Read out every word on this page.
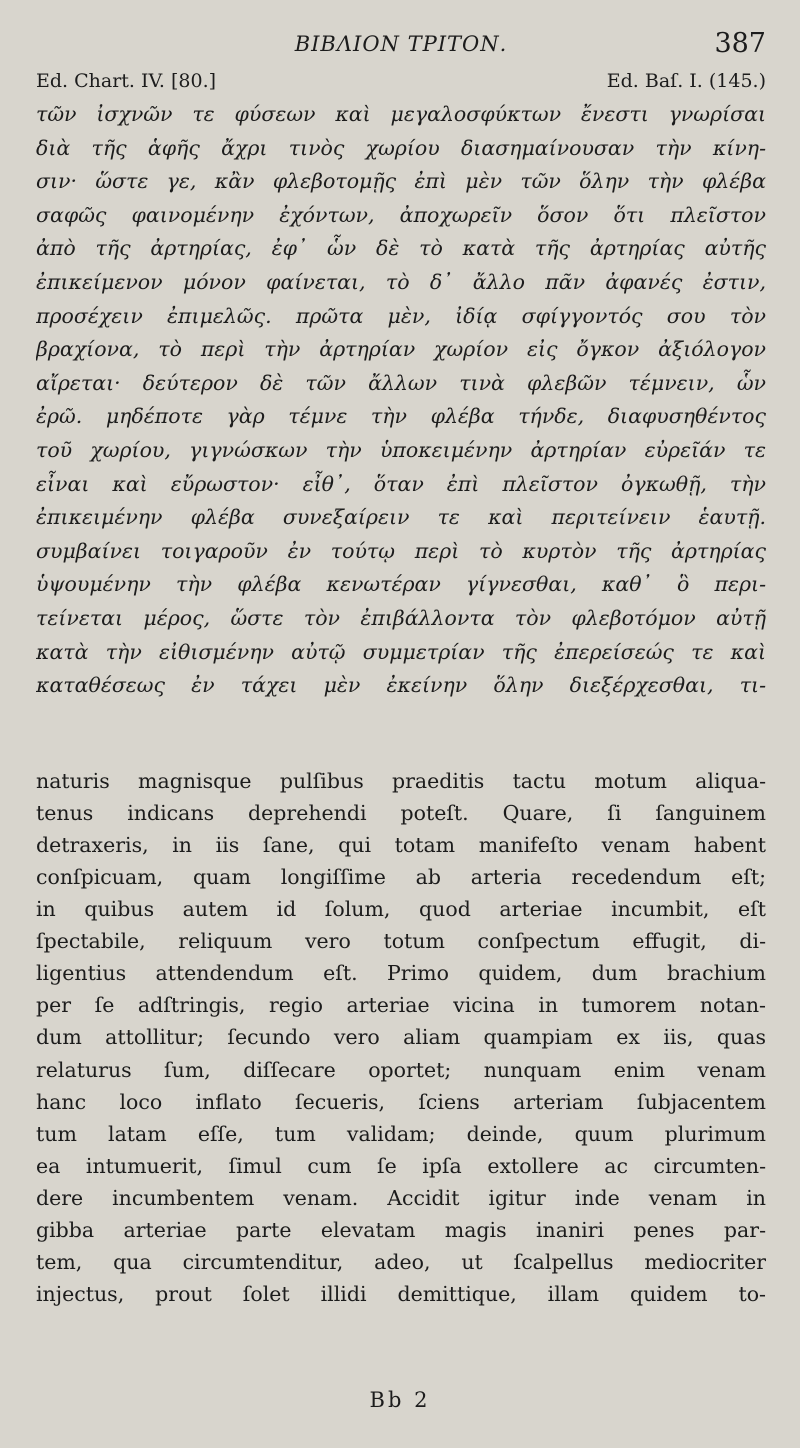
ΒΙΒΛΙΟΝ ΤΡΙΤΟΝ.	387
Ed. Chart. IV. [80.]	Ed. Baſ. I. (145.)
τῶν ἰσχνῶν τε φύσεων καὶ μεγαλοσφύκτων ἔνεστι γνωρίσαι
διὰ τῆς ἁφῆς ἄχρι τινὸς χωρίου διασημαίνουσαν τὴν κίνη-
σιν· ὥστε γε, κἂν φλεβοτομῇς ἐπὶ μὲν τῶν ὅλην τὴν φλέβα
σαφῶς φαινομένην ἐχόντων, ἀποχωρεῖν ὅσον ὅτι πλεῖστον
ἀπὸ τῆς ἀρτηρίας, ἐφ᾽ ὧν δὲ τὸ κατὰ τῆς ἀρτηρίας αὐτῆς
ἐπικείμενον μόνον φαίνεται, τὸ δ᾽ ἄλλο πᾶν ἀφανές ἐστιν,
προσέχειν ἐπιμελῶς. πρῶτα μὲν, ἰδίᾳ σφίγγοντός σου τὸν
βραχίονα, τὸ περὶ τὴν ἀρτηρίαν χωρίον εἰς ὄγκον ἀξιόλογον
αἴρεται· δεύτερον δὲ τῶν ἄλλων τινὰ φλεβῶν τέμνειν, ὧν
ἐρῶ. μηδέποτε γὰρ τέμνε τὴν φλέβα τήνδε, διαφυσηθέντος
τοῦ χωρίου, γιγνώσκων τὴν ὑποκειμένην ἀρτηρίαν εὐρεῖάν τε
εἶναι καὶ εὔρωστον· εἶθ᾽, ὅταν ἐπὶ πλεῖστον ὀγκωθῇ, τὴν
ἐπικειμένην φλέβα συνεξαίρειν τε καὶ περιτείνειν ἑαυτῇ.
συμβαίνει τοιγαροῦν ἐν τούτῳ περὶ τὸ κυρτὸν τῆς ἀρτηρίας
ὑψουμένην τὴν φλέβα κενωτέραν γίγνεσθαι, καθ᾽ ὃ περι-
τείνεται μέρος, ὥστε τὸν ἐπιβάλλοντα τὸν φλεβοτόμον αὐτῇ
κατὰ τὴν εἰθισμένην αὐτῷ συμμετρίαν τῆς ἐπερείσεώς τε καὶ
καταθέσεως ἐν τάχει μὲν ἐκείνην ὅλην διεξέρχεσθαι, τι-
naturis magnisque pulſibus praeditis tactu motum aliqua-
tenus indicans deprehendi poteſt. Quare, ſi ſanguinem
detraxeris, in iis ſane, qui totam manifeſto venam habent
conſpicuam, quam longiſſime ab arteria recedendum eſt;
in quibus autem id ſolum, quod arteriae incumbit, eſt
ſpectabile, reliquum vero totum conſpectum effugit, di-
ligentius attendendum eſt. Primo quidem, dum brachium
per ſe adſtringis, regio arteriae vicina in tumorem notan-
dum attollitur; ſecundo vero aliam quampiam ex iis, quas
relaturus ſum, diſſecare oportet; nunquam enim venam
hanc loco inflato ſecueris, ſciens arteriam ſubjacentem
tum latam eſſe, tum validam; deinde, quum plurimum
ea intumuerit, ſimul cum ſe ipſa extollere ac circumten-
dere incumbentem venam. Accidit igitur inde venam in
gibba arteriae parte elevatam magis inaniri penes par-
tem, qua circumtenditur, adeo, ut ſcalpellus mediocriter
injectus, prout ſolet illidi demittique, illam quidem to-
Bb 2
